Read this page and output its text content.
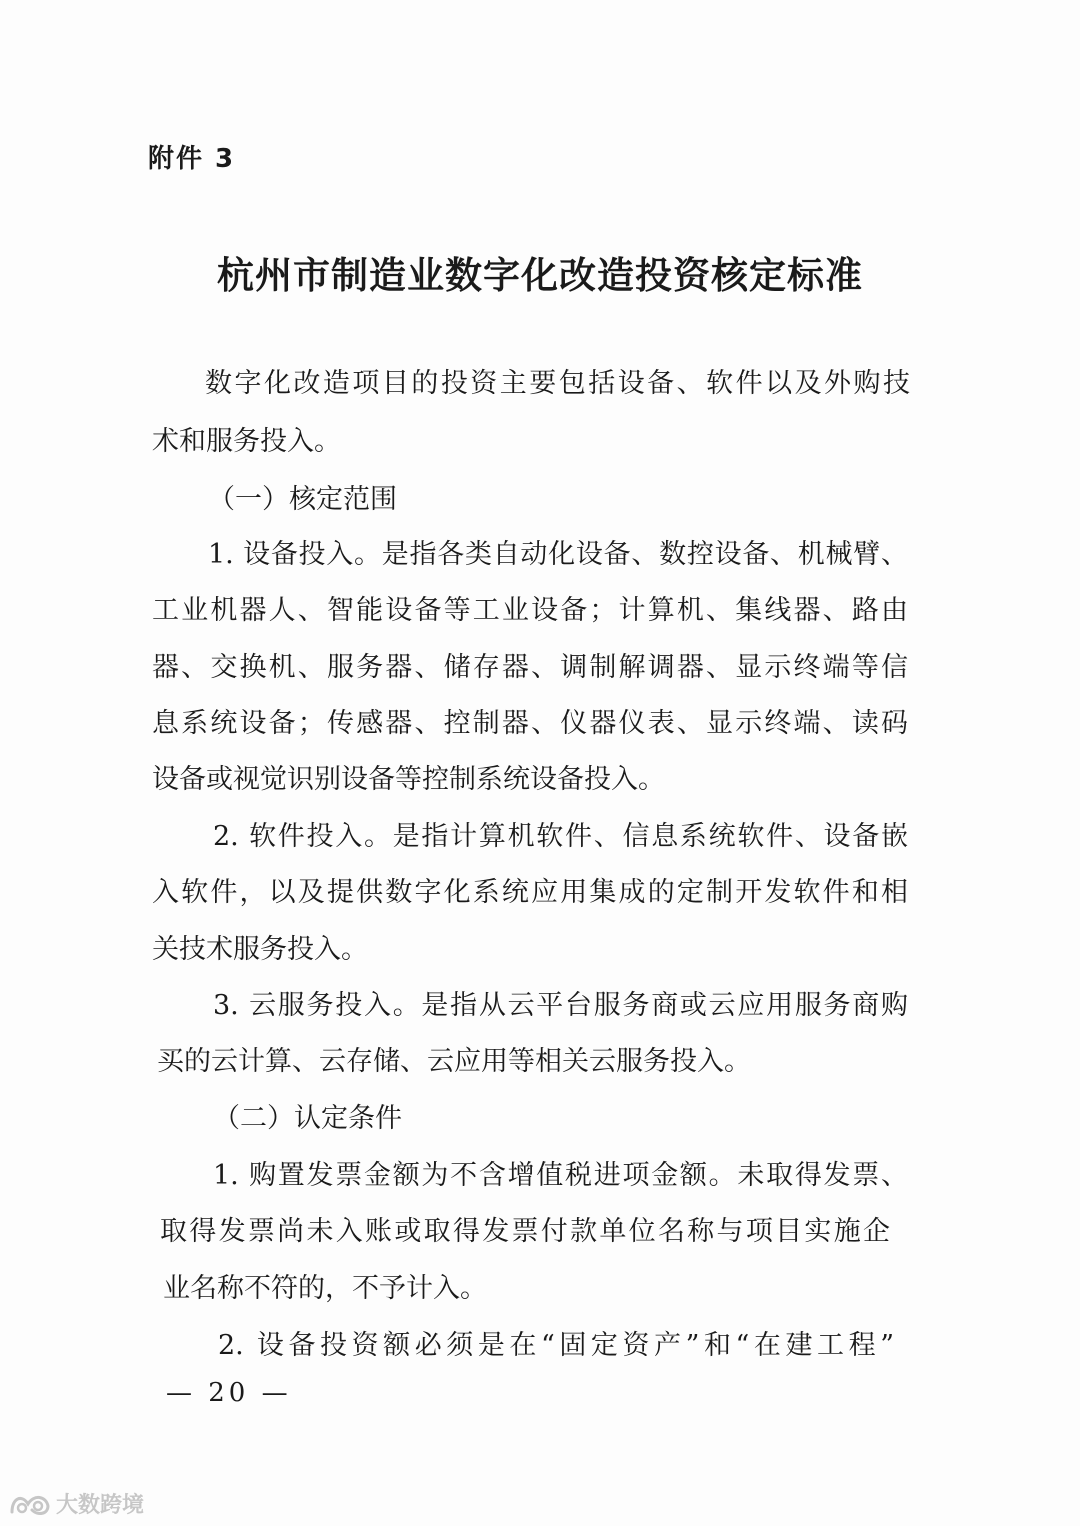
附件 3
杭州市制造业数字化改造投资核定标准
数字化改造项目的投资主要包括设备、软件以及外购技
术和服务投入。
（一）核定范围
1. 设备投入。是指各类自动化设备、数控设备、机械臂、
工业机器人、智能设备等工业设备；计算机、集线器、路由
器、交换机、服务器、储存器、调制解调器、显示终端等信
息系统设备；传感器、控制器、仪器仪表、显示终端、读码
设备或视觉识别设备等控制系统设备投入。
2. 软件投入。是指计算机软件、信息系统软件、设备嵌
入软件，以及提供数字化系统应用集成的定制开发软件和相
关技术服务投入。
3. 云服务投入。是指从云平台服务商或云应用服务商购
买的云计算、云存储、云应用等相关云服务投入。
（二）认定条件
1. 购置发票金额为不含增值税进项金额。未取得发票、
取得发票尚未入账或取得发票付款单位名称与项目实施企
业名称不符的，不予计入。
2. 设备投资额必须是在“固定资产”和“在建工程”
— 20 —
大数跨境
